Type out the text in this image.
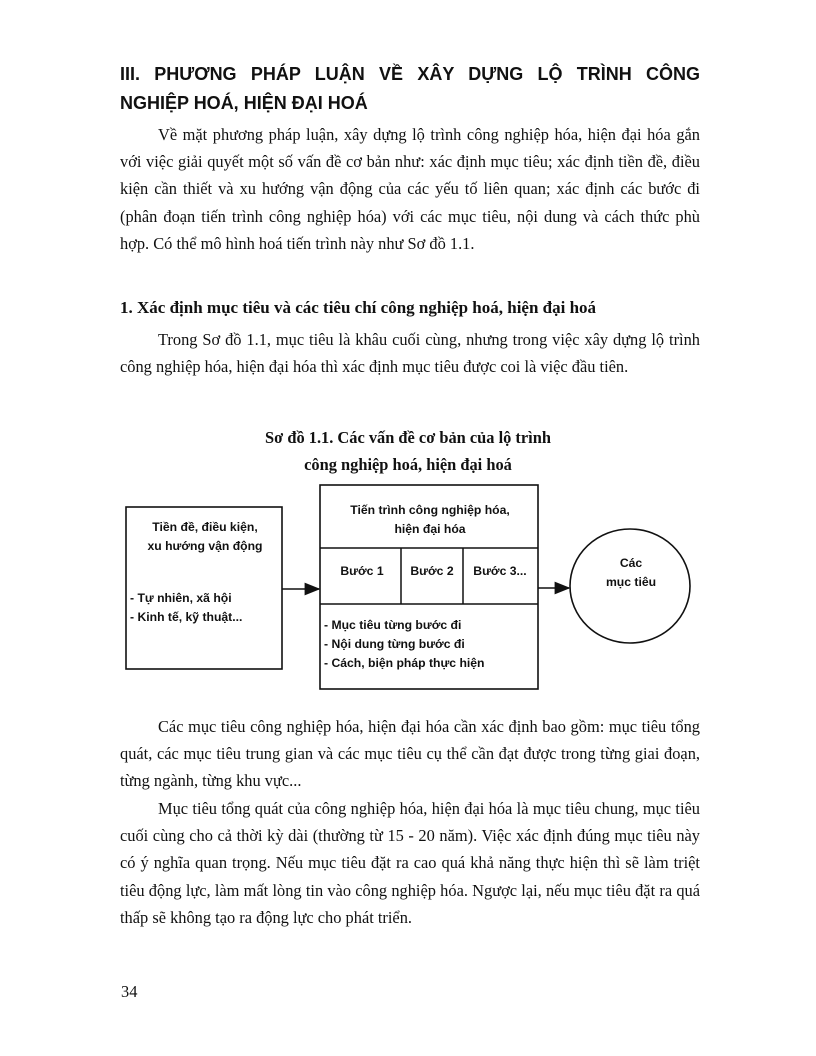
III. PHƯƠNG PHÁP LUẬN VỀ XÂY DỰNG LỘ TRÌNH CÔNG
NGHIỆP HOÁ, HIỆN ĐẠI HOÁ

Về mặt phương pháp luận, xây dựng lộ trình công nghiệp hóa, hiện đại hóa gắn với việc giải quyết một số vấn đề cơ bản như: xác định mục tiêu; xác định tiền đề, điều kiện cần thiết và xu hướng vận động của các yếu tố liên quan; xác định các bước đi (phân đoạn tiến trình công nghiệp hóa) với các mục tiêu, nội dung và cách thức phù hợp. Có thể mô hình hoá tiến trình này như Sơ đồ 1.1.

1. Xác định mục tiêu và các tiêu chí công nghiệp hoá, hiện đại hoá

Trong Sơ đồ 1.1, mục tiêu là khâu cuối cùng, nhưng trong việc xây dựng lộ trình công nghiệp hóa, hiện đại hóa thì xác định mục tiêu được coi là việc đầu tiên.

Sơ đồ 1.1. Các vấn đề cơ bản của lộ trình
công nghiệp hoá, hiện đại hoá
Tiền đề, điều kiện,
xu hướng vận động
- Tự nhiên, xã hội
- Kinh tế, kỹ thuật...
Tiến trình công nghiệp hóa,
hiện đại hóa
Bước 1	Bước 2	Bước 3...
- Mục tiêu từng bước đi
- Nội dung từng bước đi
- Cách, biện pháp thực hiện
Các
mục tiêu

Các mục tiêu công nghiệp hóa, hiện đại hóa cần xác định bao gồm: mục tiêu tổng quát, các mục tiêu trung gian và các mục tiêu cụ thể cần đạt được trong từng giai đoạn, từng ngành, từng khu vực...

Mục tiêu tổng quát của công nghiệp hóa, hiện đại hóa là mục tiêu chung, mục tiêu cuối cùng cho cả thời kỳ dài (thường từ 15 - 20 năm). Việc xác định đúng mục tiêu này có ý nghĩa quan trọng. Nếu mục tiêu đặt ra cao quá khả năng thực hiện thì sẽ làm triệt tiêu động lực, làm mất lòng tin vào công nghiệp hóa. Ngược lại, nếu mục tiêu đặt ra quá thấp sẽ không tạo ra động lực cho phát triển.

34
